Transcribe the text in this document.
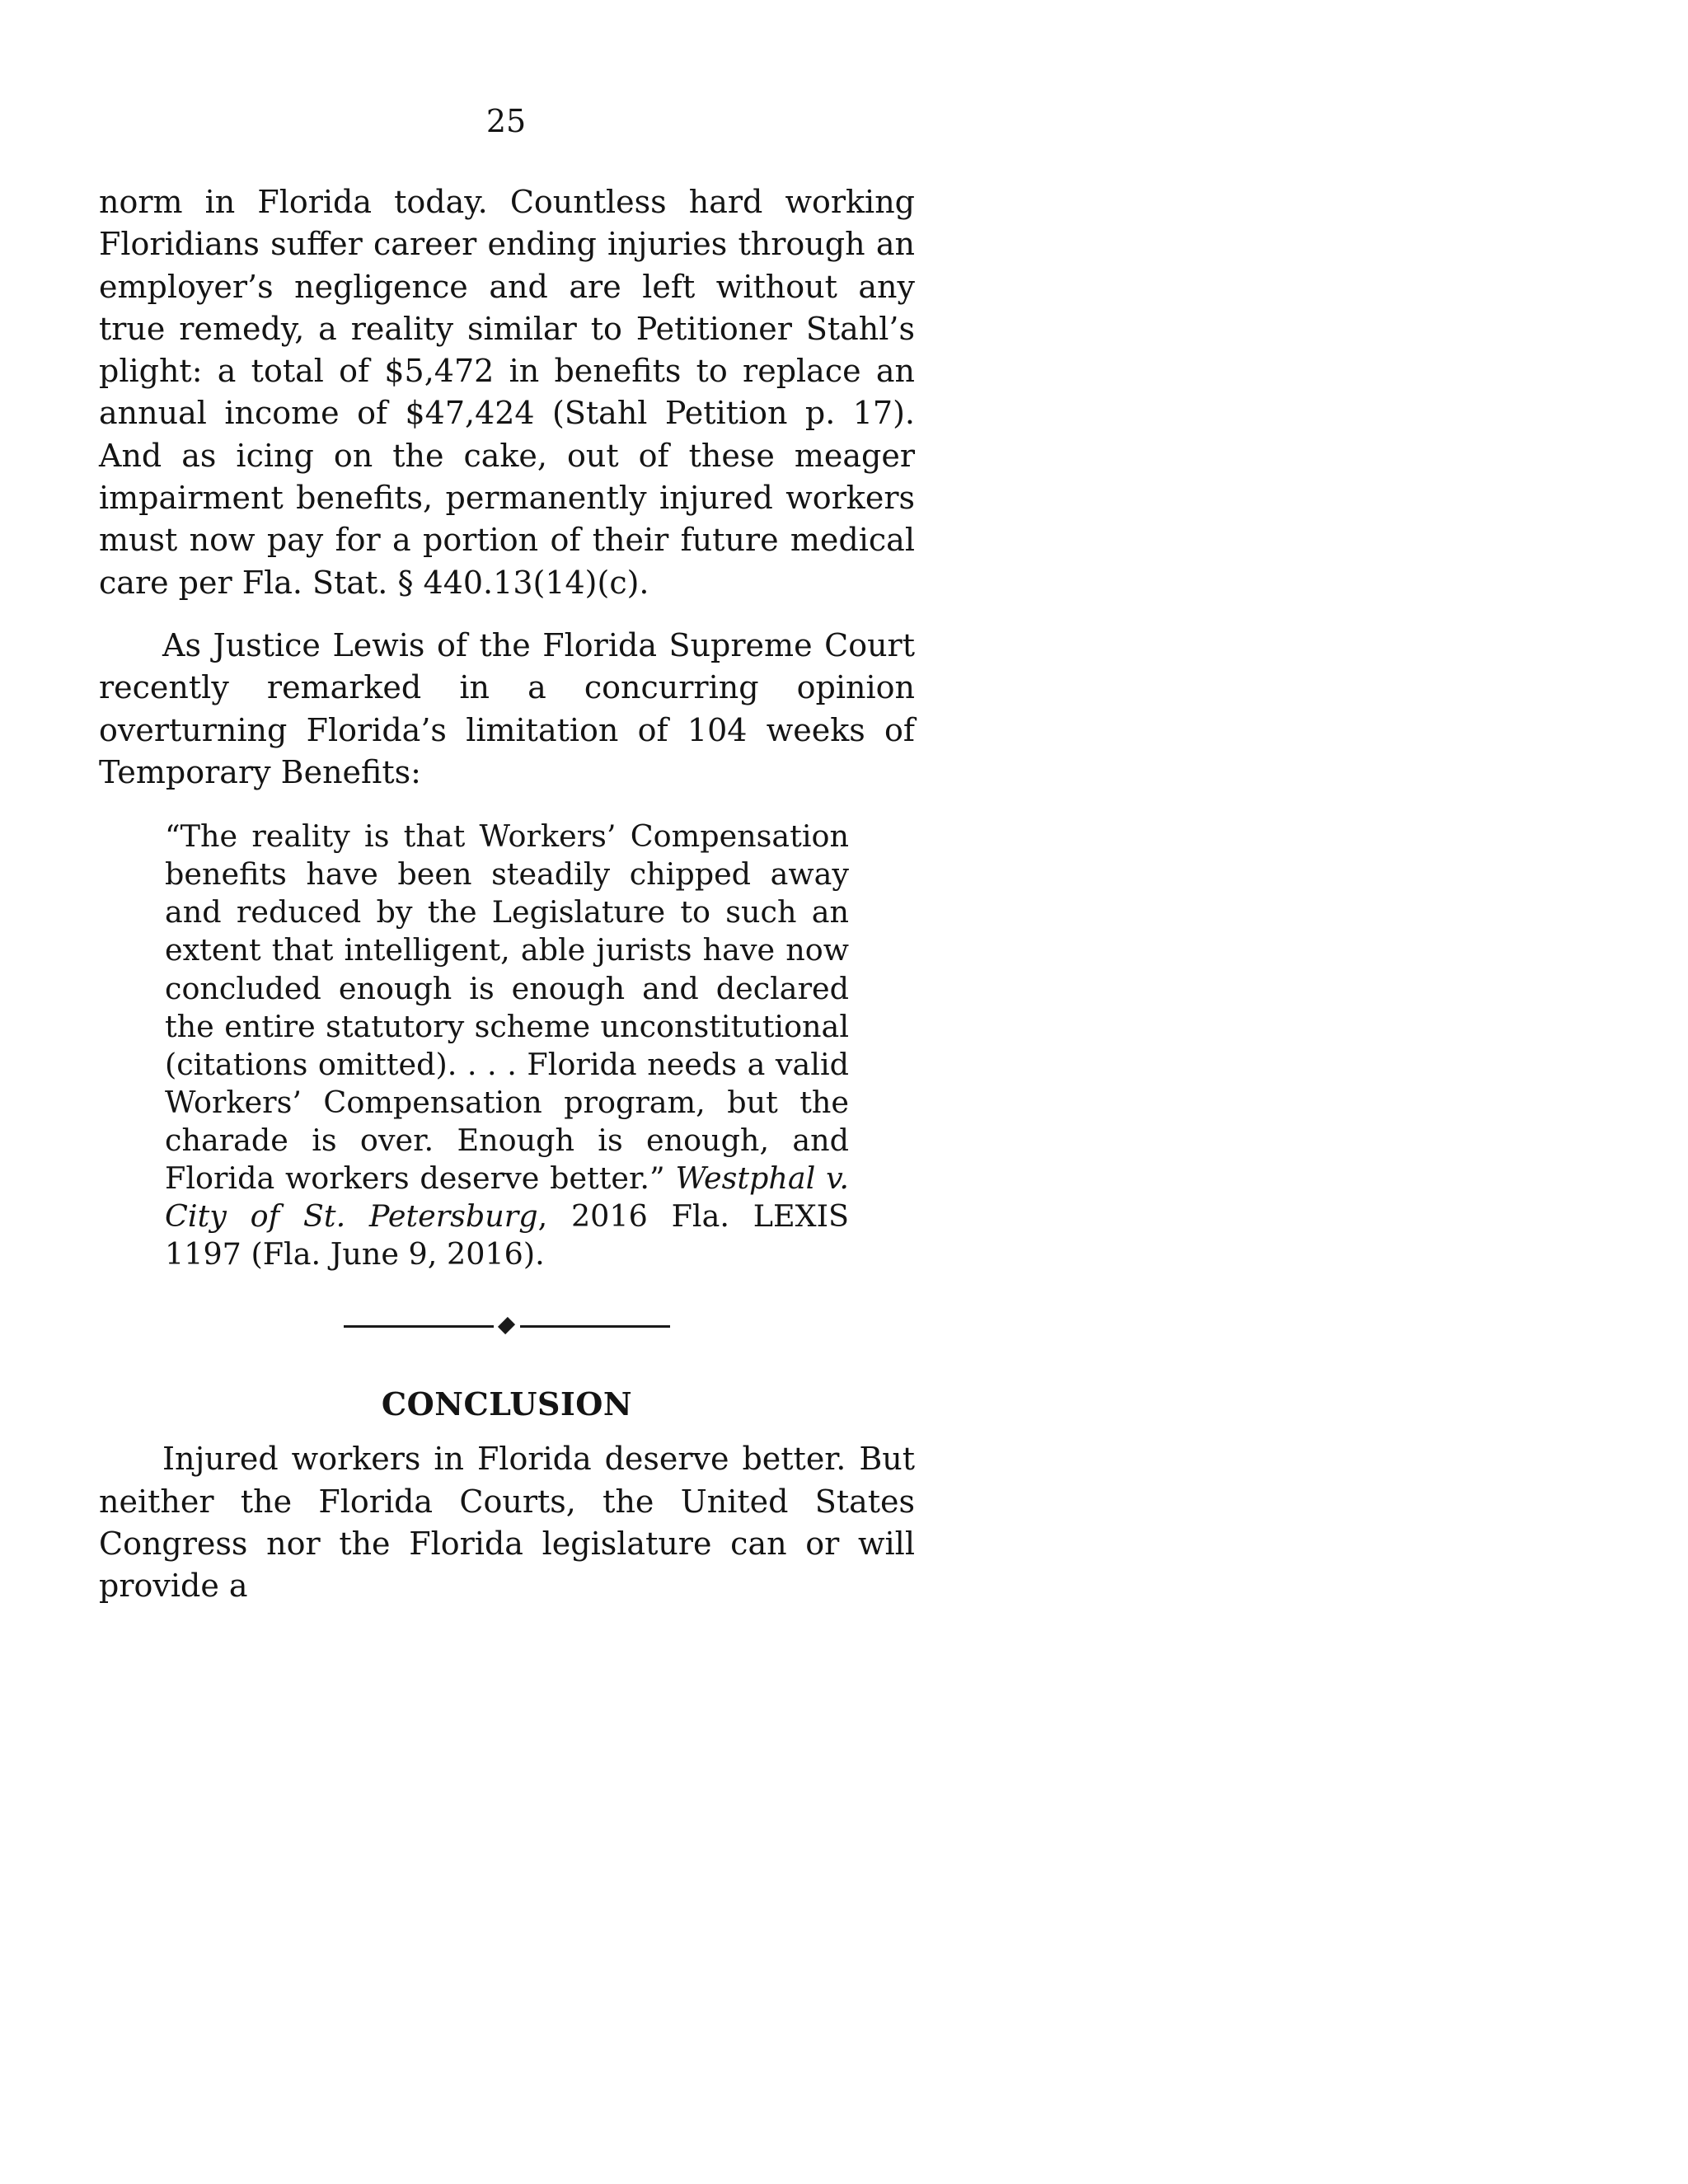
25

norm in Florida today. Countless hard working Floridians suffer career ending injuries through an employer’s negligence and are left without any true remedy, a reality similar to Petitioner Stahl’s plight: a total of $5,472 in benefits to replace an annual income of $47,424 (Stahl Petition p. 17). And as icing on the cake, out of these meager impairment benefits, permanently injured workers must now pay for a portion of their future medical care per Fla. Stat. § 440.13(14)(c).

As Justice Lewis of the Florida Supreme Court recently remarked in a concurring opinion overturning Florida’s limitation of 104 weeks of Temporary Benefits:

“The reality is that Workers’ Compensation benefits have been steadily chipped away and reduced by the Legislature to such an extent that intelligent, able jurists have now concluded enough is enough and declared the entire statutory scheme unconstitutional (citations omitted). . . . Florida needs a valid Workers’ Compensation program, but the charade is over. Enough is enough, and Florida workers deserve better.” Westphal v. City of St. Petersburg, 2016 Fla. LEXIS 1197 (Fla. June 9, 2016).
CONCLUSION

Injured workers in Florida deserve better. But neither the Florida Courts, the United States Congress nor the Florida legislature can or will provide a
